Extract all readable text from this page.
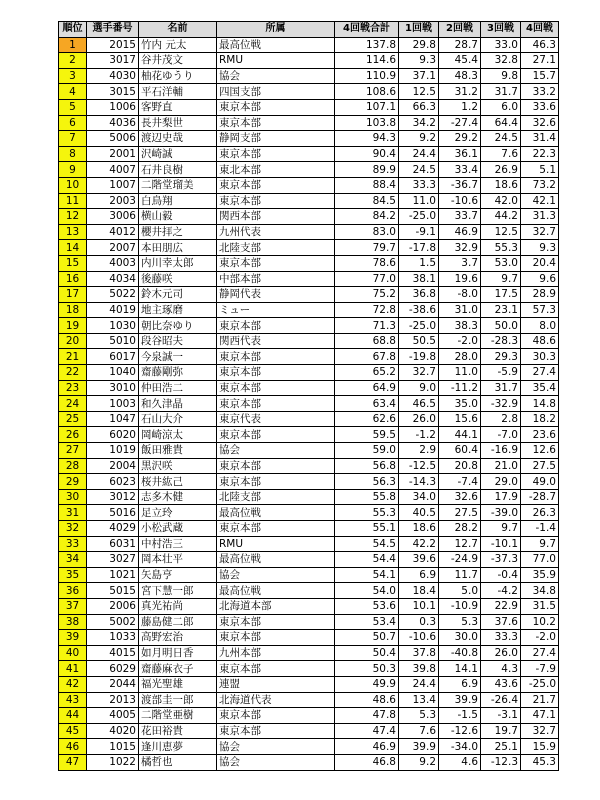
順位	選手番号	名前	所属	4回戦合計	1回戦	2回戦	3回戦	4回戦
1	2015	竹内 元太	最高位戦	137.8	29.8	28.7	33.0	46.3
2	3017	谷井茂文	RMU	114.6	9.3	45.4	32.8	27.1
3	4030	柚花ゆうり	協会	110.9	37.1	48.3	9.8	15.7
4	3015	平石洋輔	四国支部	108.6	12.5	31.2	31.7	33.2
5	1006	客野直	東京本部	107.1	66.3	1.2	6.0	33.6
6	4036	長井梨世	東京本部	103.8	34.2	-27.4	64.4	32.6
7	5006	渡辺史哉	静岡支部	94.3	9.2	29.2	24.5	31.4
8	2001	沢崎誠	東京本部	90.4	24.4	36.1	7.6	22.3
9	4007	石井良樹	東北本部	89.9	24.5	33.4	26.9	5.1
10	1007	二階堂瑠美	東京本部	88.4	33.3	-36.7	18.6	73.2
11	2003	白鳥翔	東京本部	84.5	11.0	-10.6	42.0	42.1
12	3006	横山毅	関西本部	84.2	-25.0	33.7	44.2	31.3
13	4012	櫻井拝之	九州代表	83.0	-9.1	46.9	12.5	32.7
14	2007	本田朋広	北陸支部	79.7	-17.8	32.9	55.3	9.3
15	4003	内川幸太郎	東京本部	78.6	1.5	3.7	53.0	20.4
16	4034	後藤咲	中部本部	77.0	38.1	19.6	9.7	9.6
17	5022	鈴木元司	静岡代表	75.2	36.8	-8.0	17.5	28.9
18	4019	地主琢磨	ミュー	72.8	-38.6	31.0	23.1	57.3
19	1030	朝比奈ゆり	東京本部	71.3	-25.0	38.3	50.0	8.0
20	5010	段谷昭夫	関西代表	68.8	50.5	-2.0	-28.3	48.6
21	6017	今泉誠一	東京本部	67.8	-19.8	28.0	29.3	30.3
22	1040	齋藤剛弥	東京本部	65.2	32.7	11.0	-5.9	27.4
23	3010	仲田浩二	東京本部	64.9	9.0	-11.2	31.7	35.4
24	1003	和久津晶	東京本部	63.4	46.5	35.0	-32.9	14.8
25	1047	石山大介	東京代表	62.6	26.0	15.6	2.8	18.2
26	6020	岡崎涼太	東京本部	59.5	-1.2	44.1	-7.0	23.6
27	1019	飯田雅貴	協会	59.0	2.9	60.4	-16.9	12.6
28	2004	黒沢咲	東京本部	56.8	-12.5	20.8	21.0	27.5
29	6023	桜井紘己	東京本部	56.3	-14.3	-7.4	29.0	49.0
30	3012	志多木健	北陸支部	55.8	34.0	32.6	17.9	-28.7
31	5016	足立玲	最高位戦	55.3	40.5	27.5	-39.0	26.3
32	4029	小松武蔵	東京本部	55.1	18.6	28.2	9.7	-1.4
33	6031	中村浩三	RMU	54.5	42.2	12.7	-10.1	9.7
34	3027	岡本壮平	最高位戦	54.4	39.6	-24.9	-37.3	77.0
35	1021	矢島亨	協会	54.1	6.9	11.7	-0.4	35.9
36	5015	宮下慧一郎	最高位戦	54.0	18.4	5.0	-4.2	34.8
37	2006	真光祐尚	北海道本部	53.6	10.1	-10.9	22.9	31.5
38	5002	藤島健二郎	東京本部	53.4	0.3	5.3	37.6	10.2
39	1033	高野宏治	東京本部	50.7	-10.6	30.0	33.3	-2.0
40	4015	如月明日香	九州本部	50.4	37.8	-40.8	26.0	27.4
41	6029	齋藤麻衣子	東京本部	50.3	39.8	14.1	4.3	-7.9
42	2044	福光聖雄	連盟	49.9	24.4	6.9	43.6	-25.0
43	2013	渡部圭一郎	北海道代表	48.6	13.4	39.9	-26.4	21.7
44	4005	二階堂亜樹	東京本部	47.8	5.3	-1.5	-3.1	47.1
45	4020	花田裕貴	東京本部	47.4	7.6	-12.6	19.7	32.7
46	1015	逢川恵夢	協会	46.9	39.9	-34.0	25.1	15.9
47	1022	橘哲也	協会	46.8	9.2	4.6	-12.3	45.3
